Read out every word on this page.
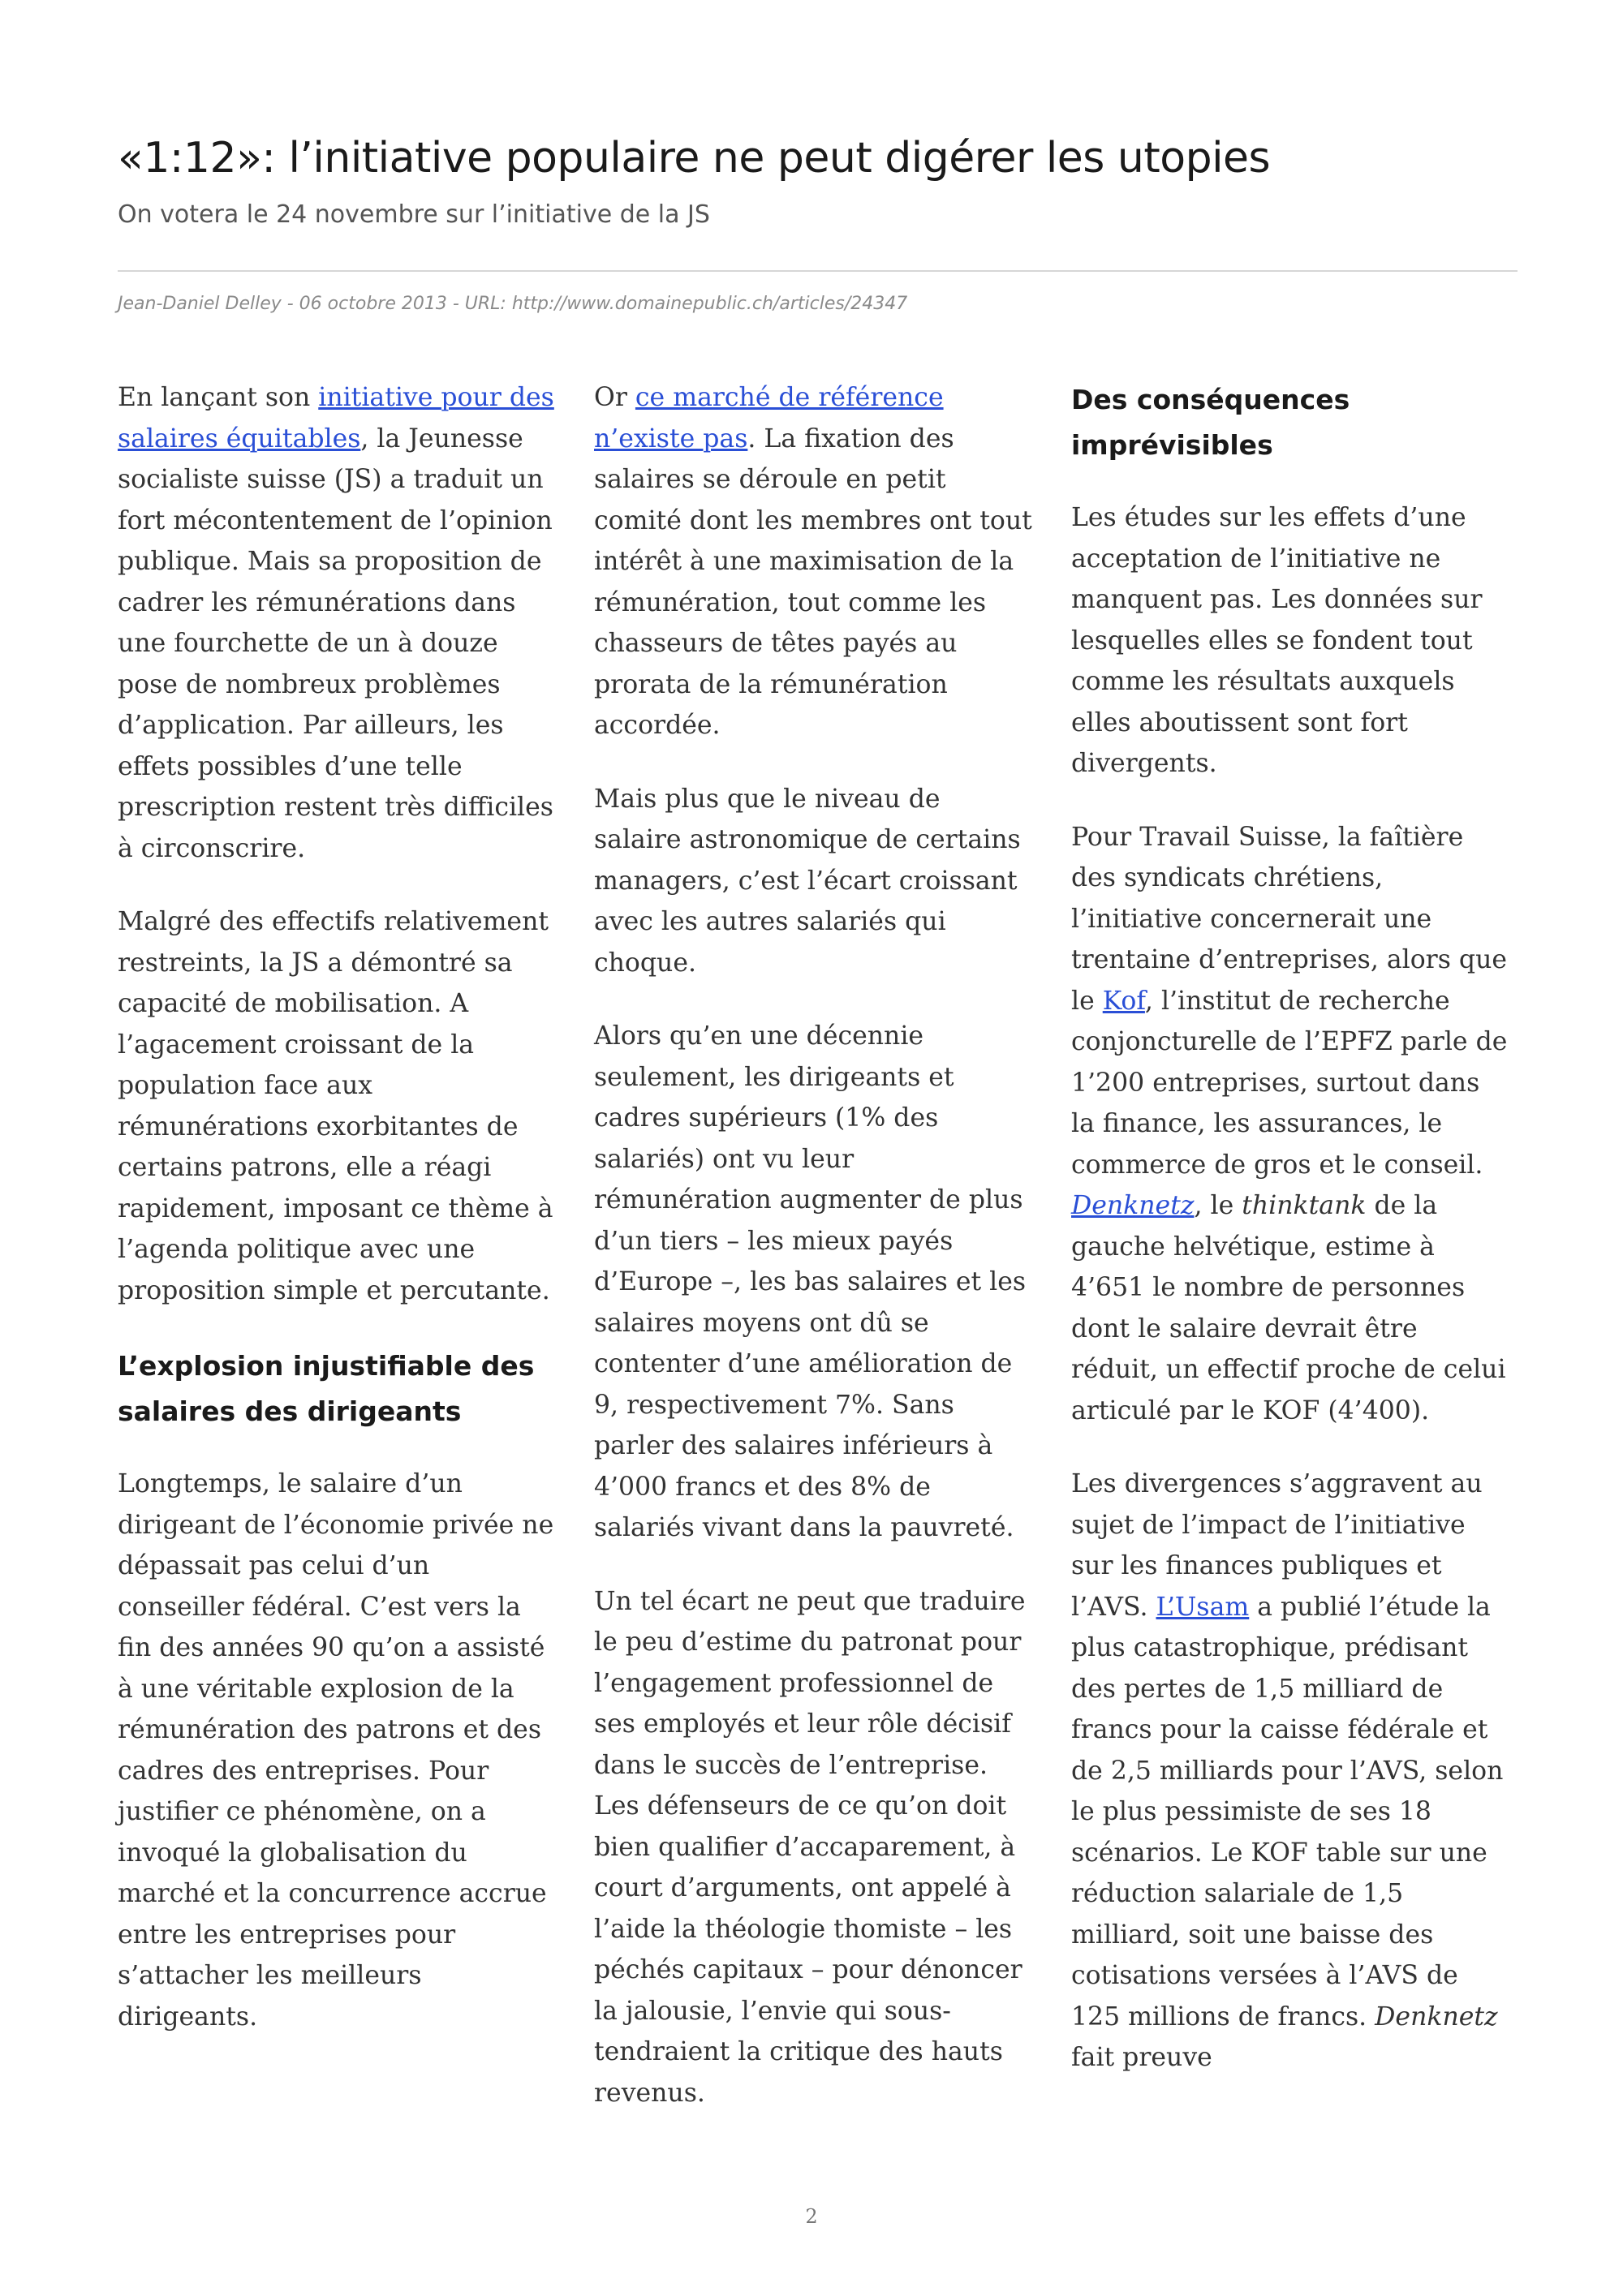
«1:12»: l’initiative populaire ne peut digérer les utopies

On votera le 24 novembre sur l’initiative de la JS

Jean-Daniel Delley - 06 octobre 2013 - URL: http://www.domainepublic.ch/articles/24347

En lançant son initiative pour des salaires équitables, la Jeunesse socialiste suisse (JS) a traduit un fort mécontentement de l’opinion publique. Mais sa proposition de cadrer les rémunérations dans une fourchette de un à douze pose de nombreux problèmes d’application. Par ailleurs, les effets possibles d’une telle prescription restent très difficiles à circonscrire.

Malgré des effectifs relativement restreints, la JS a démontré sa capacité de mobilisation. A l’agacement croissant de la population face aux rémunérations exorbitantes de certains patrons, elle a réagi rapidement, imposant ce thème à l’agenda politique avec une proposition simple et percutante.

L’explosion injustifiable des salaires des dirigeants

Longtemps, le salaire d’un dirigeant de l’économie privée ne dépassait pas celui d’un conseiller fédéral. C’est vers la fin des années 90 qu’on a assisté à une véritable explosion de la rémunération des patrons et des cadres des entreprises. Pour justifier ce phénomène, on a invoqué la globalisation du marché et la concurrence accrue entre les entreprises pour s’attacher les meilleurs dirigeants.

Or ce marché de référence n’existe pas. La fixation des salaires se déroule en petit comité dont les membres ont tout intérêt à une maximisation de la rémunération, tout comme les chasseurs de têtes payés au prorata de la rémunération accordée.

Mais plus que le niveau de salaire astronomique de certains managers, c’est l’écart croissant avec les autres salariés qui choque.

Alors qu’en une décennie seulement, les dirigeants et cadres supérieurs (1% des salariés) ont vu leur rémunération augmenter de plus d’un tiers – les mieux payés d’Europe –, les bas salaires et les salaires moyens ont dû se contenter d’une amélioration de 9, respectivement 7%. Sans parler des salaires inférieurs à 4’000 francs et des 8% de salariés vivant dans la pauvreté.

Un tel écart ne peut que traduire le peu d’estime du patronat pour l’engagement professionnel de ses employés et leur rôle décisif dans le succès de l’entreprise. Les défenseurs de ce qu’on doit bien qualifier d’accaparement, à court d’arguments, ont appelé à l’aide la théologie thomiste – les péchés capitaux – pour dénoncer la jalousie, l’envie qui sous-tendraient la critique des hauts revenus.

Des conséquences imprévisibles

Les études sur les effets d’une acceptation de l’initiative ne manquent pas. Les données sur lesquelles elles se fondent tout comme les résultats auxquels elles aboutissent sont fort divergents.

Pour Travail Suisse, la faîtière des syndicats chrétiens, l’initiative concernerait une trentaine d’entreprises, alors que le Kof, l’institut de recherche conjoncturelle de l’EPFZ parle de 1’200 entreprises, surtout dans la finance, les assurances, le commerce de gros et le conseil. Denknetz, le thinktank de la gauche helvétique, estime à 4’651 le nombre de personnes dont le salaire devrait être réduit, un effectif proche de celui articulé par le KOF (4’400).

Les divergences s’aggravent au sujet de l’impact de l’initiative sur les finances publiques et l’AVS. L’Usam a publié l’étude la plus catastrophique, prédisant des pertes de 1,5 milliard de francs pour la caisse fédérale et de 2,5 milliards pour l’AVS, selon le plus pessimiste de ses 18 scénarios. Le KOF table sur une réduction salariale de 1,5 milliard, soit une baisse des cotisations versées à l’AVS de 125 millions de francs. Denknetz fait preuve

2
